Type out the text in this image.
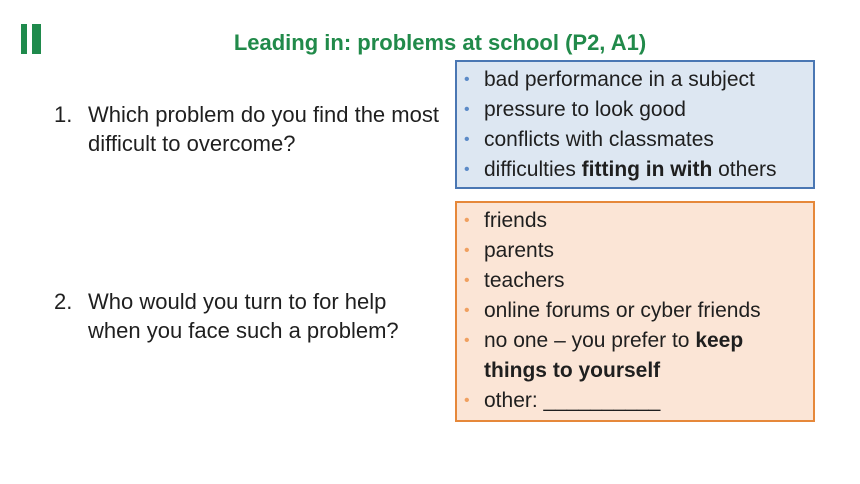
Leading in: problems at school (P2, A1)
1. Which problem do you find the most difficult to overcome?
2. Who would you turn to for help when you face such a problem?
• bad performance in a subject
• pressure to look good
• conflicts with classmates
• difficulties fitting in with others
• friends
• parents
• teachers
• online forums or cyber friends
• no one – you prefer to keep things to yourself
• other: __________
